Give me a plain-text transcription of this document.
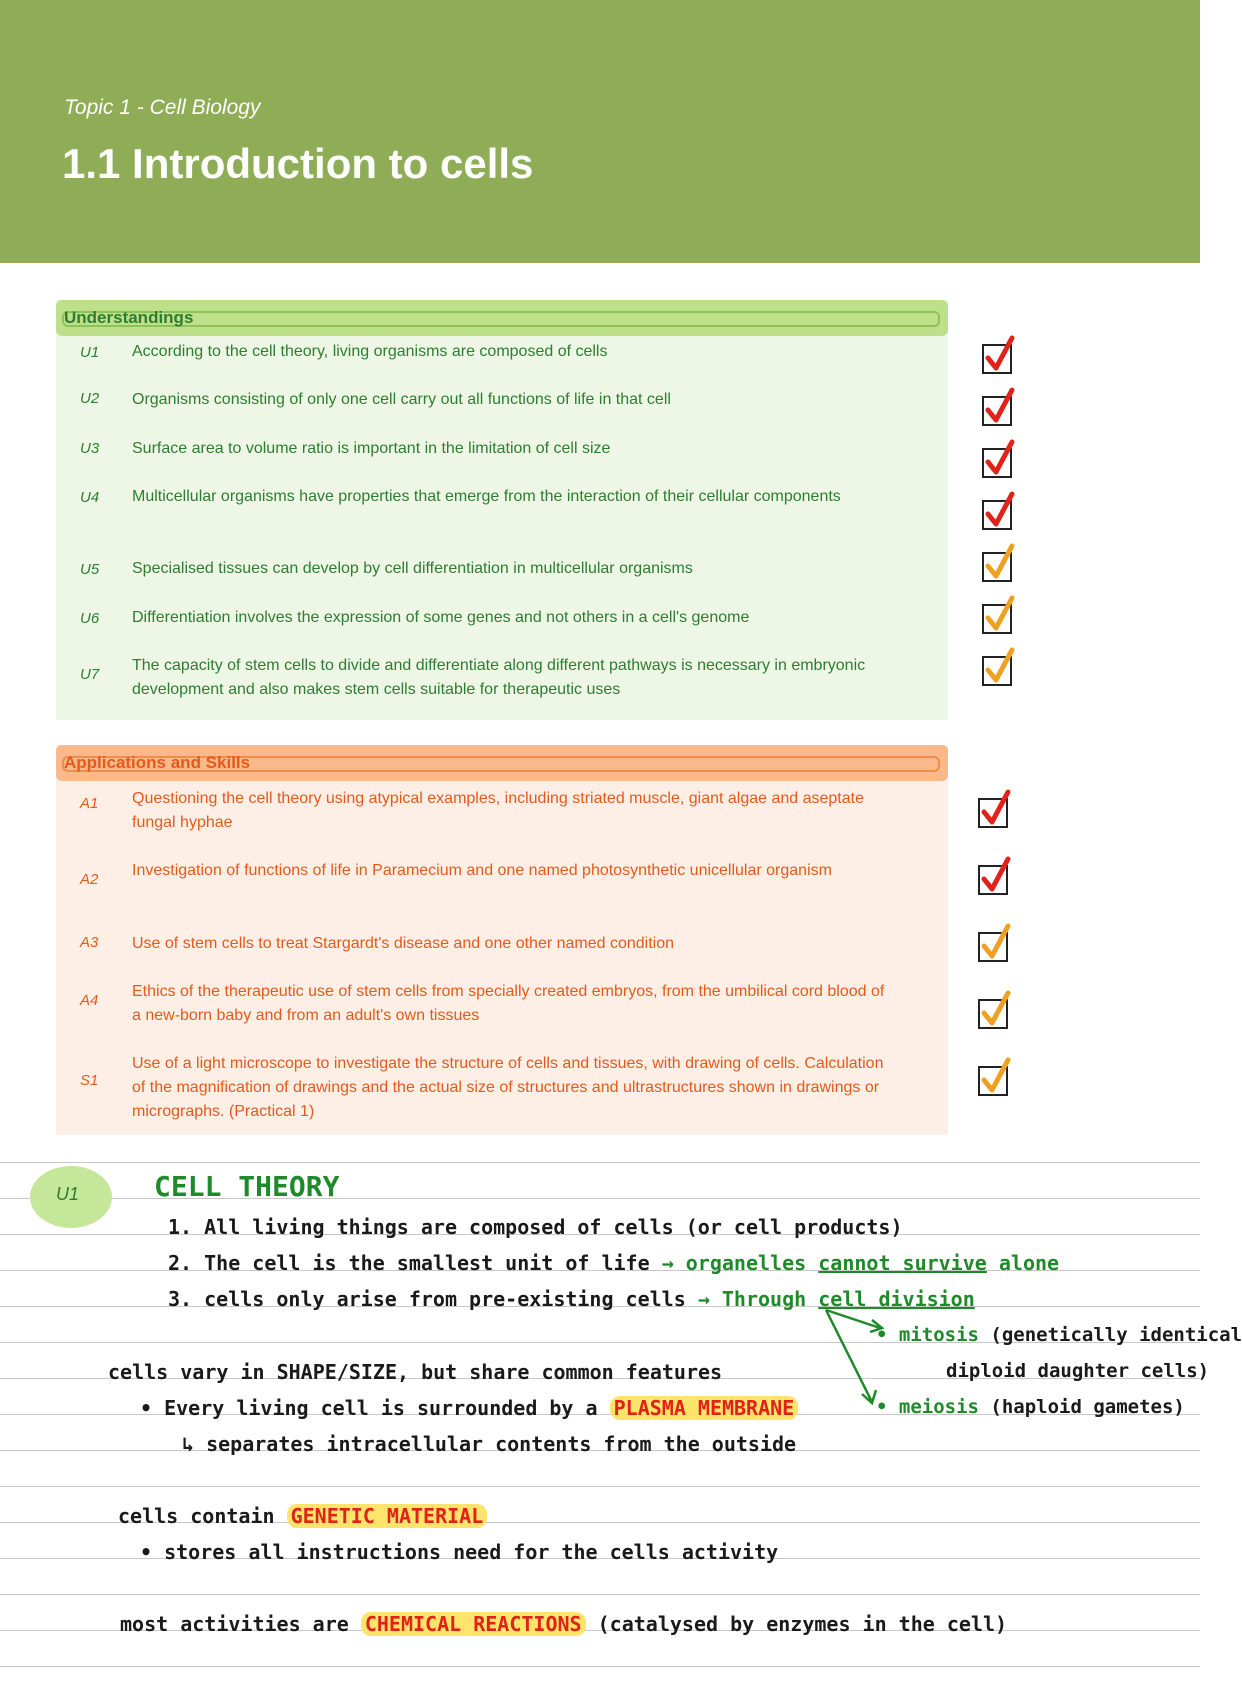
Topic 1 - Cell Biology
1.1 Introduction to cells
Understandings
U1 According to the cell theory, living organisms are composed of cells
U2 Organisms consisting of only one cell carry out all functions of life in that cell
U3 Surface area to volume ratio is important in the limitation of cell size
U4 Multicellular organisms have properties that emerge from the interaction of their cellular components
U5 Specialised tissues can develop by cell differentiation in multicellular organisms
U6 Differentiation involves the expression of some genes and not others in a cell's genome
U7
The capacity of stem cells to divide and differentiate along different pathways is necessary in embryonic development and also makes stem cells suitable for therapeutic uses
Applications and Skills
A1 Questioning the cell theory using atypical examples, including striated muscle, giant algae and aseptate fungal hyphae
A2
Investigation of functions of life in Paramecium and one named photosynthetic unicellular organism
A3 Use of stem cells to treat Stargardt's disease and one other named condition
A4
Ethics of the therapeutic use of stem cells from specially created embryos, from the umbilical cord blood of a new-born baby and from an adult's own tissues
S1
Use of a light microscope to investigate the structure of cells and tissues, with drawing of cells. Calculation of the magnification of drawings and the actual size of structures and ultrastructures shown in drawings or micrographs. (Practical 1)
U1	CELL THEORY
1. All living things are composed of cells (or cell products)
2. The cell is the smallest unit of life → organelles cannot survive alone
3. cells only arise from pre-existing cells → Through cell division
• mitosis (genetically identical
diploid daughter cells)
• meiosis (haploid gametes)
cells vary in SHAPE/SIZE, but share common features
• Every living cell is surrounded by a PLASMA MEMBRANE
↳ separates intracellular contents from the outside
cells contain GENETIC MATERIAL
• stores all instructions need for the cells activity
most activities are CHEMICAL REACTIONS (catalysed by enzymes in the cell)
